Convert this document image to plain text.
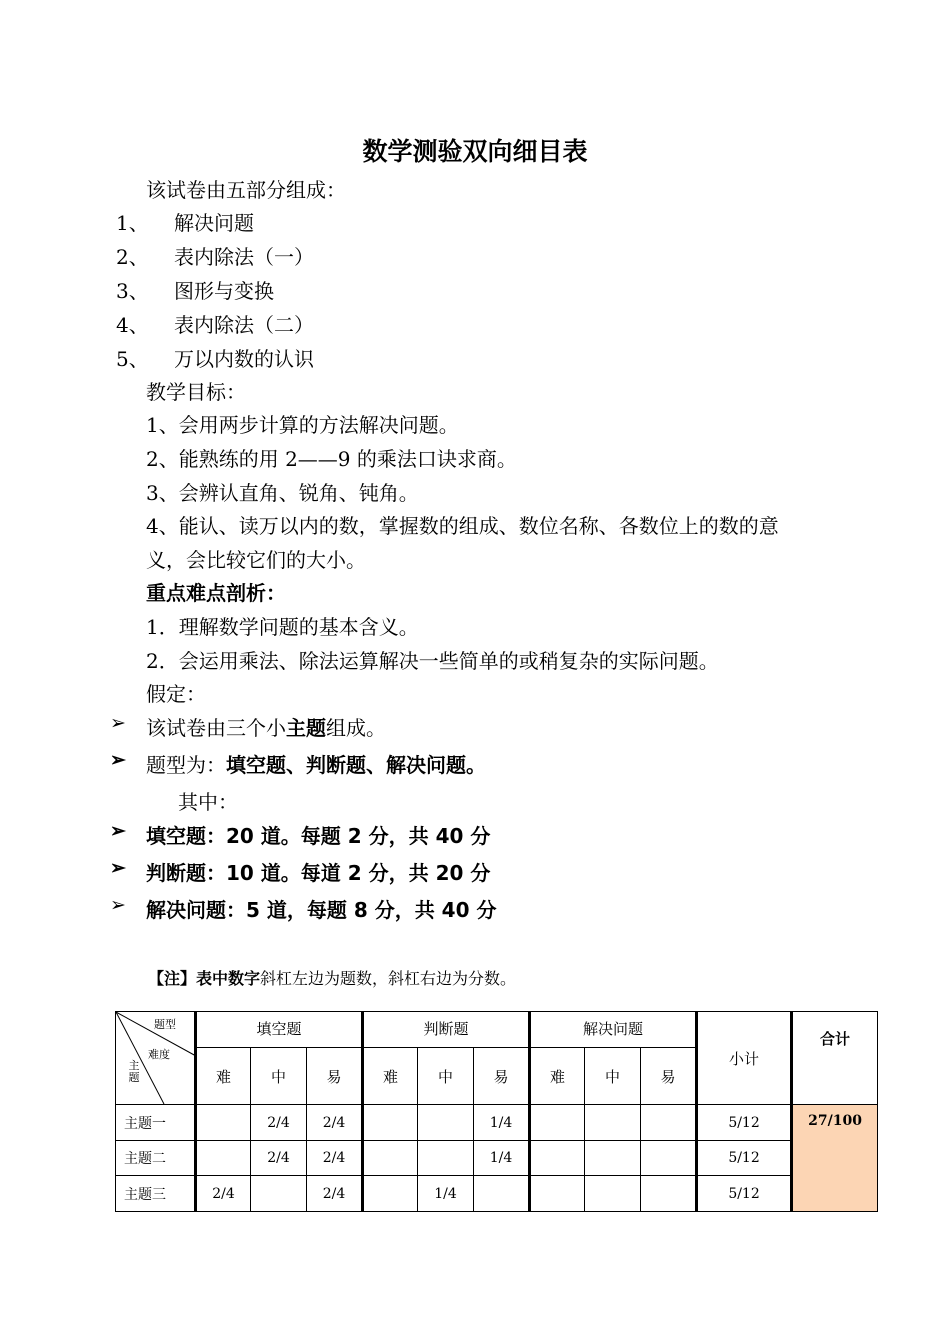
数学测验双向细目表
该试卷由五部分组成：
1、 解决问题
2、 表内除法（一）
3、 图形与变换
4、 表内除法（二）
5、 万以内数的认识
教学目标：
1、会用两步计算的方法解决问题。
2、能熟练的用 2——9 的乘法口诀求商。
3、会辨认直角、锐角、钝角。
4、能认、读万以内的数，掌握数的组成、数位名称、各数位上的数的意
义，会比较它们的大小。
重点难点剖析：
1．理解数学问题的基本含义。
2．会运用乘法、除法运算解决一些简单的或稍复杂的实际问题。
假定：
➢ 该试卷由三个小主题组成。
➢ 题型为：填空题、判断题、解决问题。
其中：
➢ 填空题：20 道。每题 2 分，共 40 分
➢ 判断题：10 道。每道 2 分，共 20 分
➢ 解决问题：5 道，每题 8 分，共 40 分
【注】表中数字斜杠左边为题数，斜杠右边为分数。
题型
难度
主
题	填空题			判断题			解决问题			小计	合计
	难	中	易	难	中	易	难	中	易		
主题一		2/4	2/4			1/4				5/12	27/100
主题二		2/4	2/4			1/4				5/12	
主题三	2/4		2/4		1/4					5/12	
